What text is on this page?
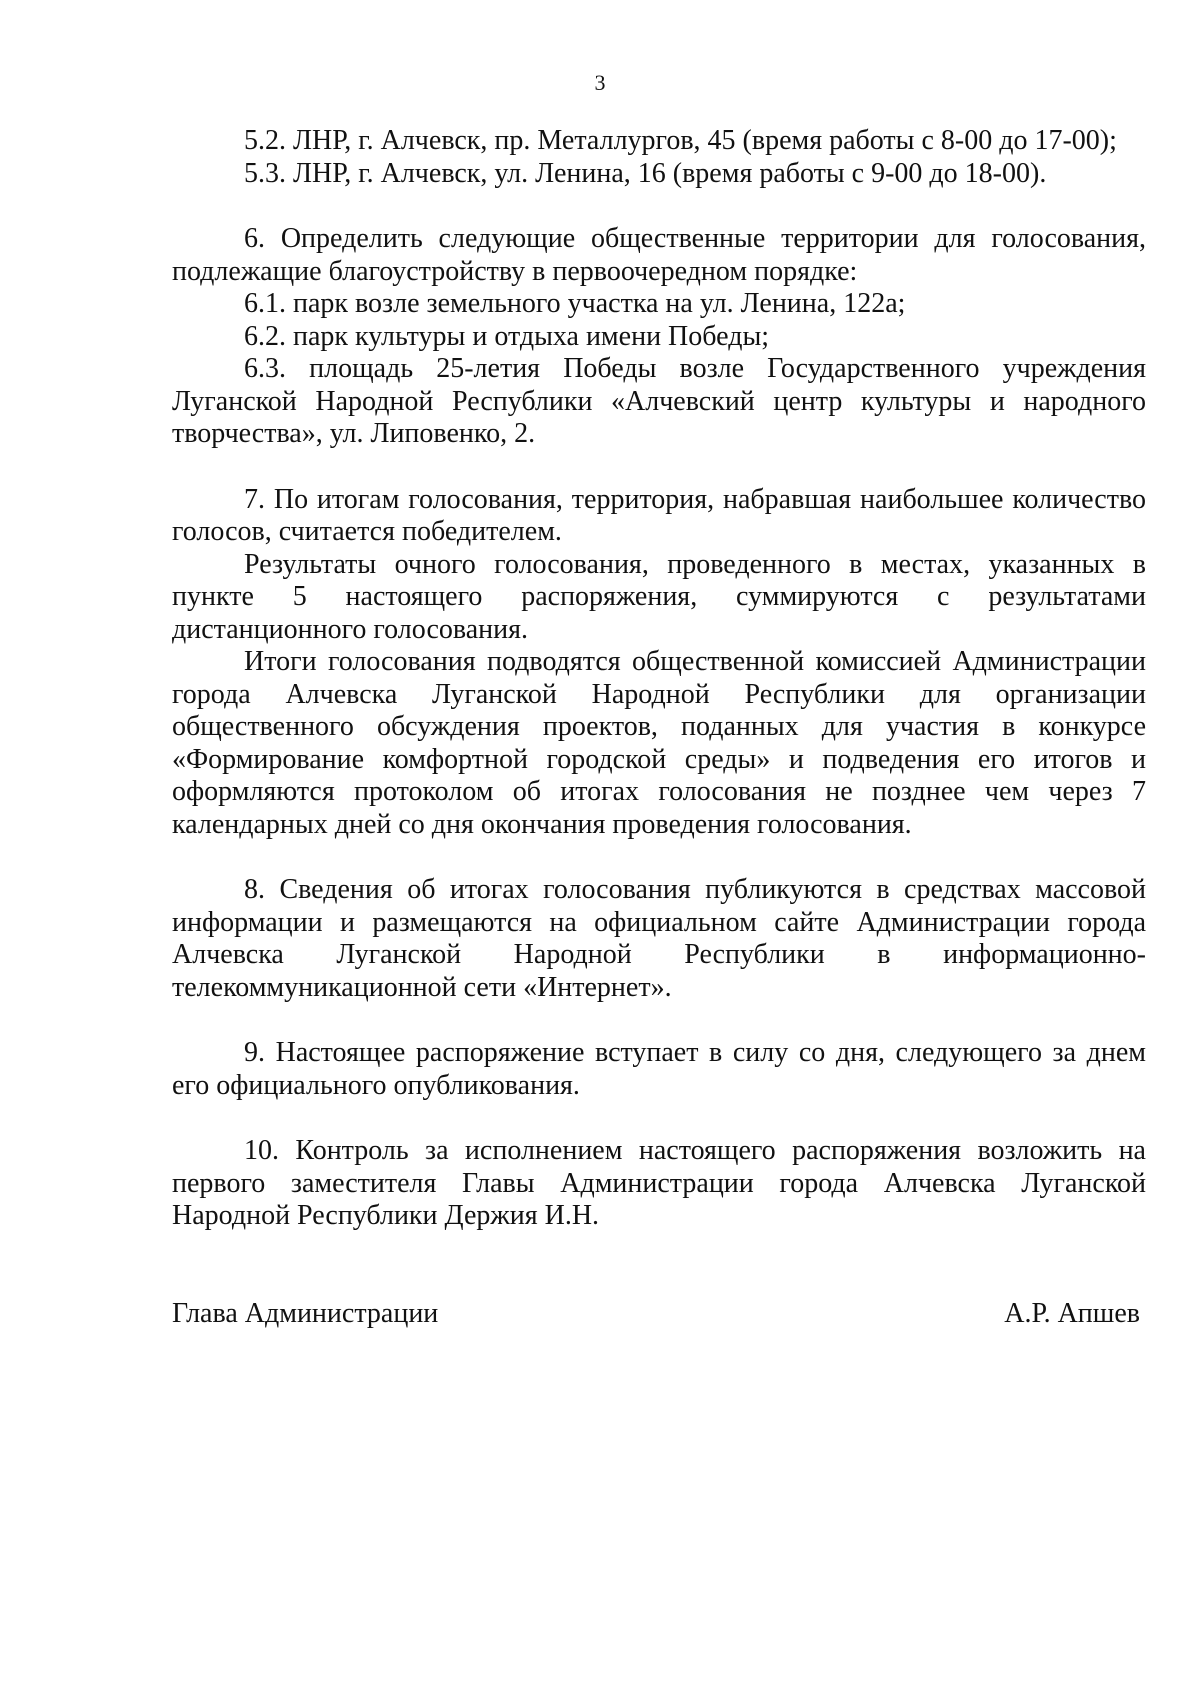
3

5.2. ЛНР, г. Алчевск, пр. Металлургов, 45 (время работы с 8-00 до 17-00);

5.3. ЛНР, г. Алчевск, ул. Ленина, 16 (время работы с 9-00 до 18-00).

6. Определить следующие общественные территории для голосования, подлежащие благоустройству в первоочередном порядке:

6.1. парк возле земельного участка на ул. Ленина, 122а;

6.2. парк культуры и отдыха имени Победы;

6.3. площадь 25-летия Победы возле Государственного учреждения Луганской Народной Республики «Алчевский центр культуры и народного творчества», ул. Липовенко, 2.

7. По итогам голосования, территория, набравшая наибольшее количество голосов, считается победителем.

Результаты очного голосования, проведенного в местах, указанных в пункте 5 настоящего распоряжения, суммируются с результатами дистанционного голосования.

Итоги голосования подводятся общественной комиссией Администрации города Алчевска Луганской Народной Республики для организации общественного обсуждения проектов, поданных для участия в конкурсе «Формирование комфортной городской среды» и подведения его итогов и оформляются протоколом об итогах голосования не позднее чем через 7 календарных дней со дня окончания проведения голосования.

8. Сведения об итогах голосования публикуются в средствах массовой информации и размещаются на официальном сайте Администрации города Алчевска Луганской Народной Республики в информационно-телекоммуникационной сети «Интернет».

9. Настоящее распоряжение вступает в силу со дня, следующего за днем его официального опубликования.

10. Контроль за исполнением настоящего распоряжения возложить на первого заместителя Главы Администрации города Алчевска Луганской Народной Республики Держия И.Н.

Глава Администрации	А.Р. Апшев
